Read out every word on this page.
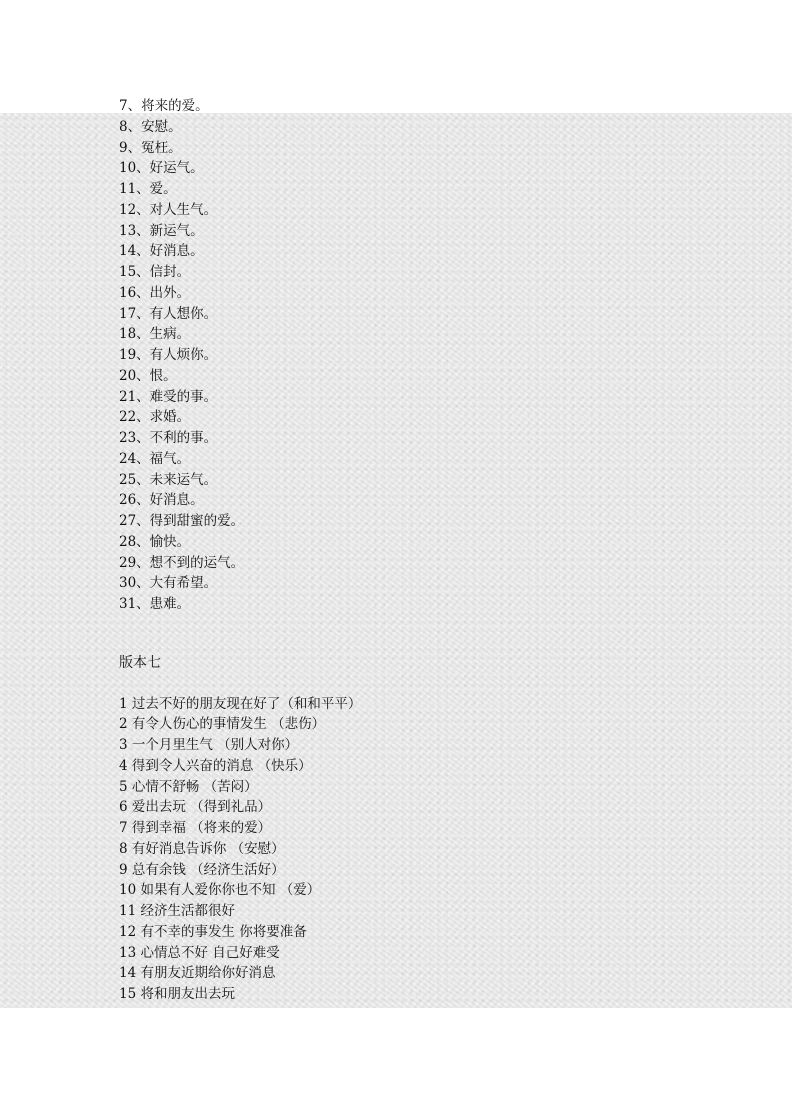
7、将来的爱。
8、安慰。
9、冤枉。
10、好运气。
11、爱。
12、对人生气。
13、新运气。
14、好消息。
15、信封。
16、出外。
17、有人想你。
18、生病。
19、有人烦你。
20、恨。
21、难受的事。
22、求婚。
23、不利的事。
24、福气。
25、未来运气。
26、好消息。
27、得到甜蜜的爱。
28、愉快。
29、想不到的运气。
30、大有希望。
31、患难。
版本七
1 过去不好的朋友现在好了（和和平平）
2 有令人伤心的事情发生 （悲伤）
3 一个月里生气 （别人对你）
4 得到令人兴奋的消息 （快乐）
5 心情不舒畅 （苦闷）
6 爱出去玩 （得到礼品）
7 得到幸福 （将来的爱）
8 有好消息告诉你 （安慰）
9 总有余钱 （经济生活好）
10 如果有人爱你你也不知 （爱）
11 经济生活都很好
12 有不幸的事发生 你将要准备
13 心情总不好 自己好难受
14 有朋友近期给你好消息
15 将和朋友出去玩
